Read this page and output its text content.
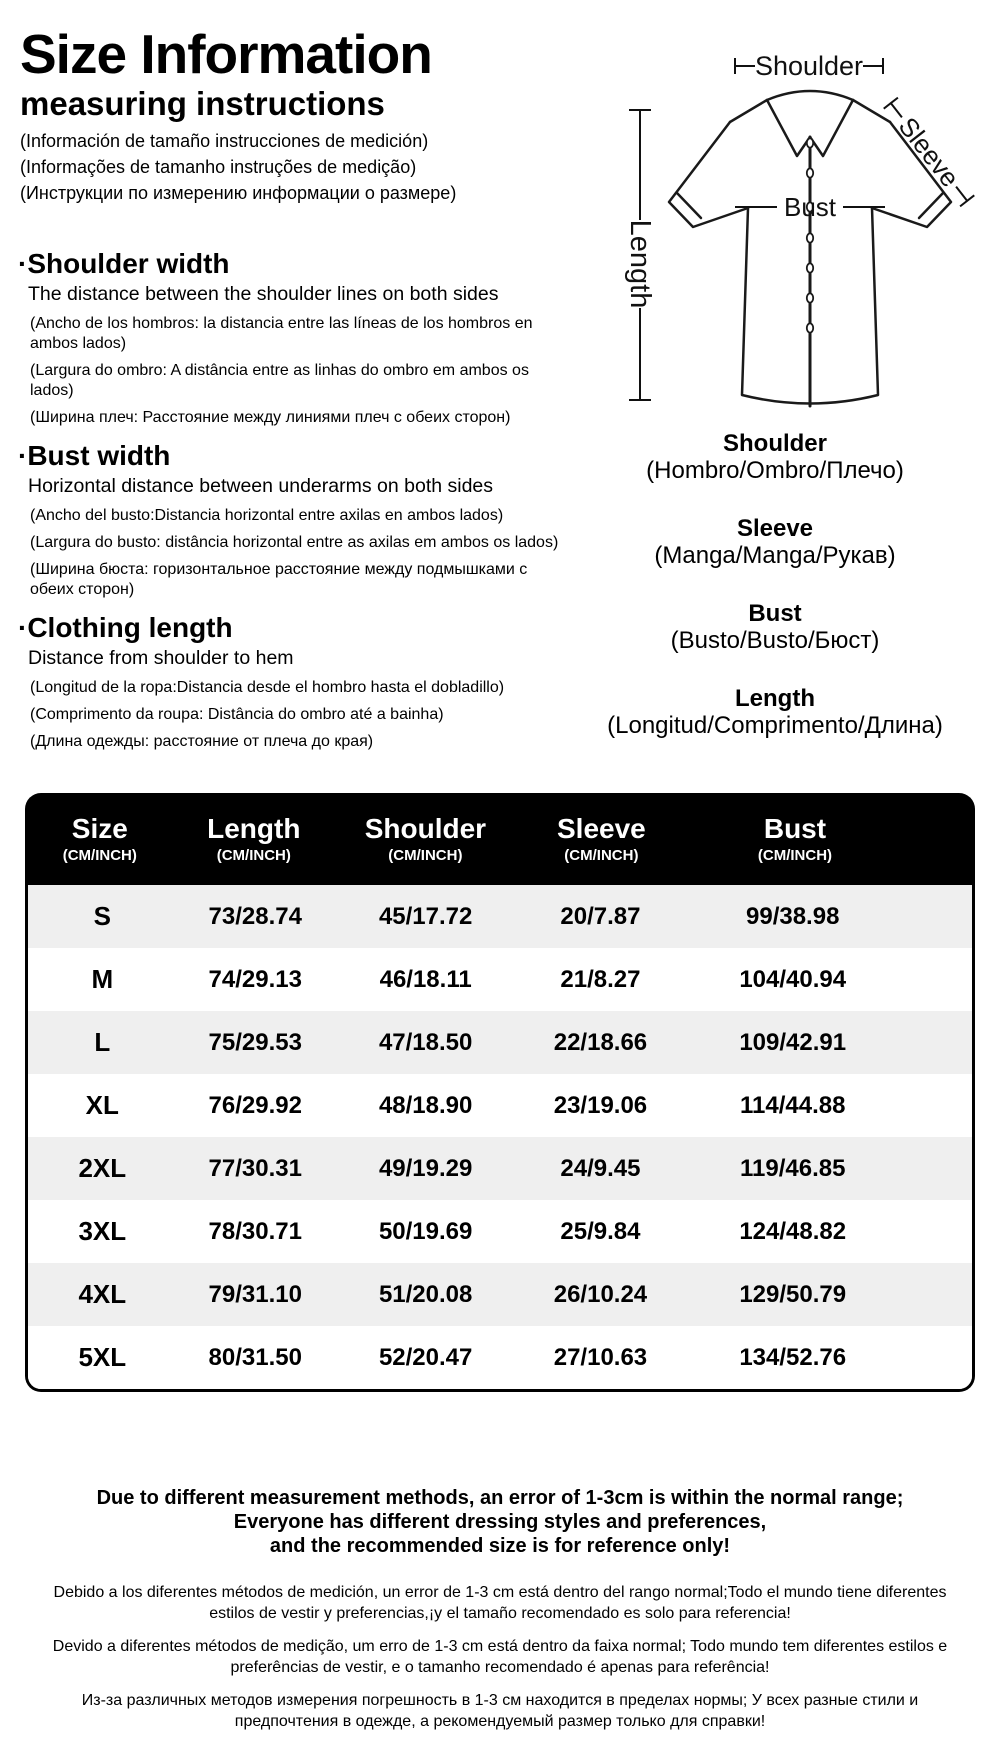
Size Information
measuring instructions
(Información de tamaño instrucciones de medición)
(Informações de tamanho instruções de medição)
(Инструкции по измерению информации о размере)
Shoulder
Sleeve
Bust
Length
·Shoulder width

The distance between the shoulder lines on both sides

(Ancho de los hombros: la distancia entre las líneas de los hombros en ambos lados)

(Largura do ombro: A distância entre as linhas do ombro em ambos os lados)

(Ширина плеч: Расстояние между линиями плеч с обеих сторон)

·Bust width

Horizontal distance between underarms on both sides

(Ancho del busto:Distancia horizontal entre axilas en ambos lados)

(Largura do busto: distância horizontal entre as axilas em ambos os lados)

(Ширина бюста: горизонтальное расстояние между подмышками с обеих сторон)

·Clothing length

Distance from shoulder to hem

(Longitud de la ropa:Distancia desde el hombro hasta el dobladillo)

(Comprimento da roupa: Distância do ombro até a bainha)

(Длина одежды: расстояние от плеча до края)

Shoulder
(Hombro/Ombro/Плечо)
Sleeve
(Manga/Manga/Рукав)
Bust
(Busto/Busto/Бюст)
Length
(Longitud/Comprimento/Длина)
Size
(CM/INCH)
Length
(CM/INCH)
Shoulder
(CM/INCH)
Sleeve
(CM/INCH)
Bust
(CM/INCH)
S	73/28.74	45/17.72	20/7.87	99/38.98
M	74/29.13	46/18.11	21/8.27	104/40.94
L	75/29.53	47/18.50	22/18.66	109/42.91
XL	76/29.92	48/18.90	23/19.06	114/44.88
2XL	77/30.31	49/19.29	24/9.45	119/46.85
3XL	78/30.71	50/19.69	25/9.84	124/48.82
4XL	79/31.10	51/20.08	26/10.24	129/50.79
5XL	80/31.50	52/20.47	27/10.63	134/52.76
Due to different measurement methods, an error of 1-3cm is within the normal range;
Everyone has different dressing styles and preferences,
and the recommended size is for reference only!

Debido a los diferentes métodos de medición, un error de 1-3 cm está dentro del rango normal;Todo el mundo tiene diferentes estilos de vestir y preferencias,¡y el tamaño recomendado es solo para referencia!

Devido a diferentes métodos de medição, um erro de 1-3 cm está dentro da faixa normal; Todo mundo tem diferentes estilos e preferências de vestir, e o tamanho recomendado é apenas para referência!

Из-за различных методов измерения погрешность в 1-3 см находится в пределах нормы; У всех разные стили и предпочтения в одежде, а рекомендуемый размер только для справки!
